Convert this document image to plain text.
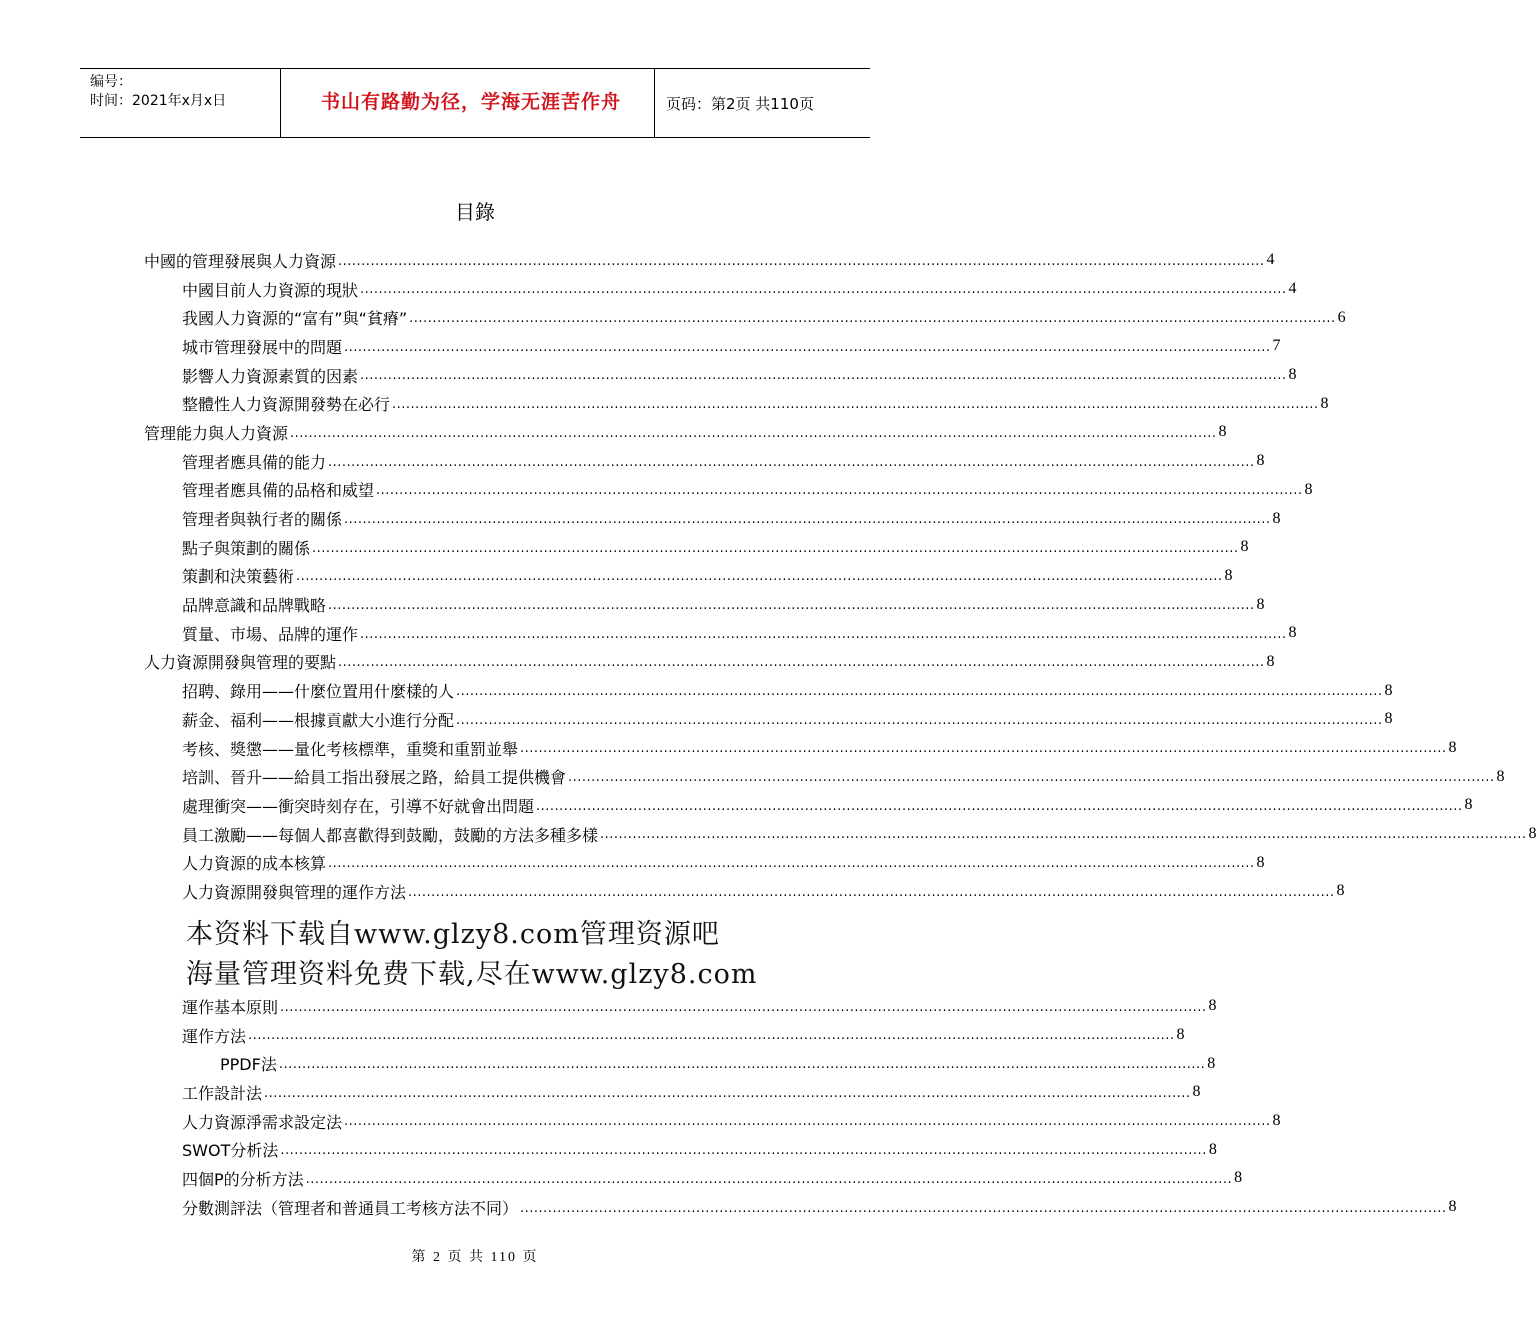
编号：
时间：2021年x月x日	书山有路勤为径，学海无涯苦作舟	页码：第2页 共110页
目錄
中國的管理發展與人力資源 ........................................................................................................................................................................................................ 4
中國目前人力資源的現狀 ........................................................................................................................................................................................................ 4
我國人力資源的“富有”與“貧瘠” ........................................................................................................................................................................................................ 6
城市管理發展中的問題 ........................................................................................................................................................................................................ 7
影響人力資源素質的因素 ........................................................................................................................................................................................................ 8
整體性人力資源開發勢在必行 ........................................................................................................................................................................................................ 8
管理能力與人力資源 ........................................................................................................................................................................................................ 8
管理者應具備的能力 ........................................................................................................................................................................................................ 8
管理者應具備的品格和威望 ........................................................................................................................................................................................................ 8
管理者與執行者的關係 ........................................................................................................................................................................................................ 8
點子與策劃的關係 ........................................................................................................................................................................................................ 8
策劃和決策藝術 ........................................................................................................................................................................................................ 8
品牌意識和品牌戰略 ........................................................................................................................................................................................................ 8
質量、市場、品牌的運作 ........................................................................................................................................................................................................ 8
人力資源開發與管理的要點 ........................................................................................................................................................................................................ 8
招聘、錄用——什麼位置用什麼樣的人 ........................................................................................................................................................................................................ 8
薪金、福利——根據貢獻大小進行分配 ........................................................................................................................................................................................................ 8
考核、獎懲——量化考核標準，重獎和重罰並舉 ........................................................................................................................................................................................................ 8
培訓、晉升——給員工指出發展之路，給員工提供機會 ........................................................................................................................................................................................................ 8
處理衝突——衝突時刻存在，引導不好就會出問題 ........................................................................................................................................................................................................ 8
員工激勵——每個人都喜歡得到鼓勵，鼓勵的方法多種多樣 ........................................................................................................................................................................................................ 8
人力資源的成本核算 ........................................................................................................................................................................................................ 8
人力資源開發與管理的運作方法 ........................................................................................................................................................................................................ 8
本资料下载自www.glzy8.com管理资源吧
海量管理资料免费下载,尽在www.glzy8.com
運作基本原則 ........................................................................................................................................................................................................ 8
運作方法 ........................................................................................................................................................................................................ 8
PPDF法 ........................................................................................................................................................................................................ 8
工作設計法 ........................................................................................................................................................................................................ 8
人力資源淨需求設定法 ........................................................................................................................................................................................................ 8
SWOT分析法 ........................................................................................................................................................................................................ 8
四個P的分析方法 ........................................................................................................................................................................................................ 8
分數測評法（管理者和普通員工考核方法不同） ........................................................................................................................................................................................................ 8
第 2 页 共 110 页
